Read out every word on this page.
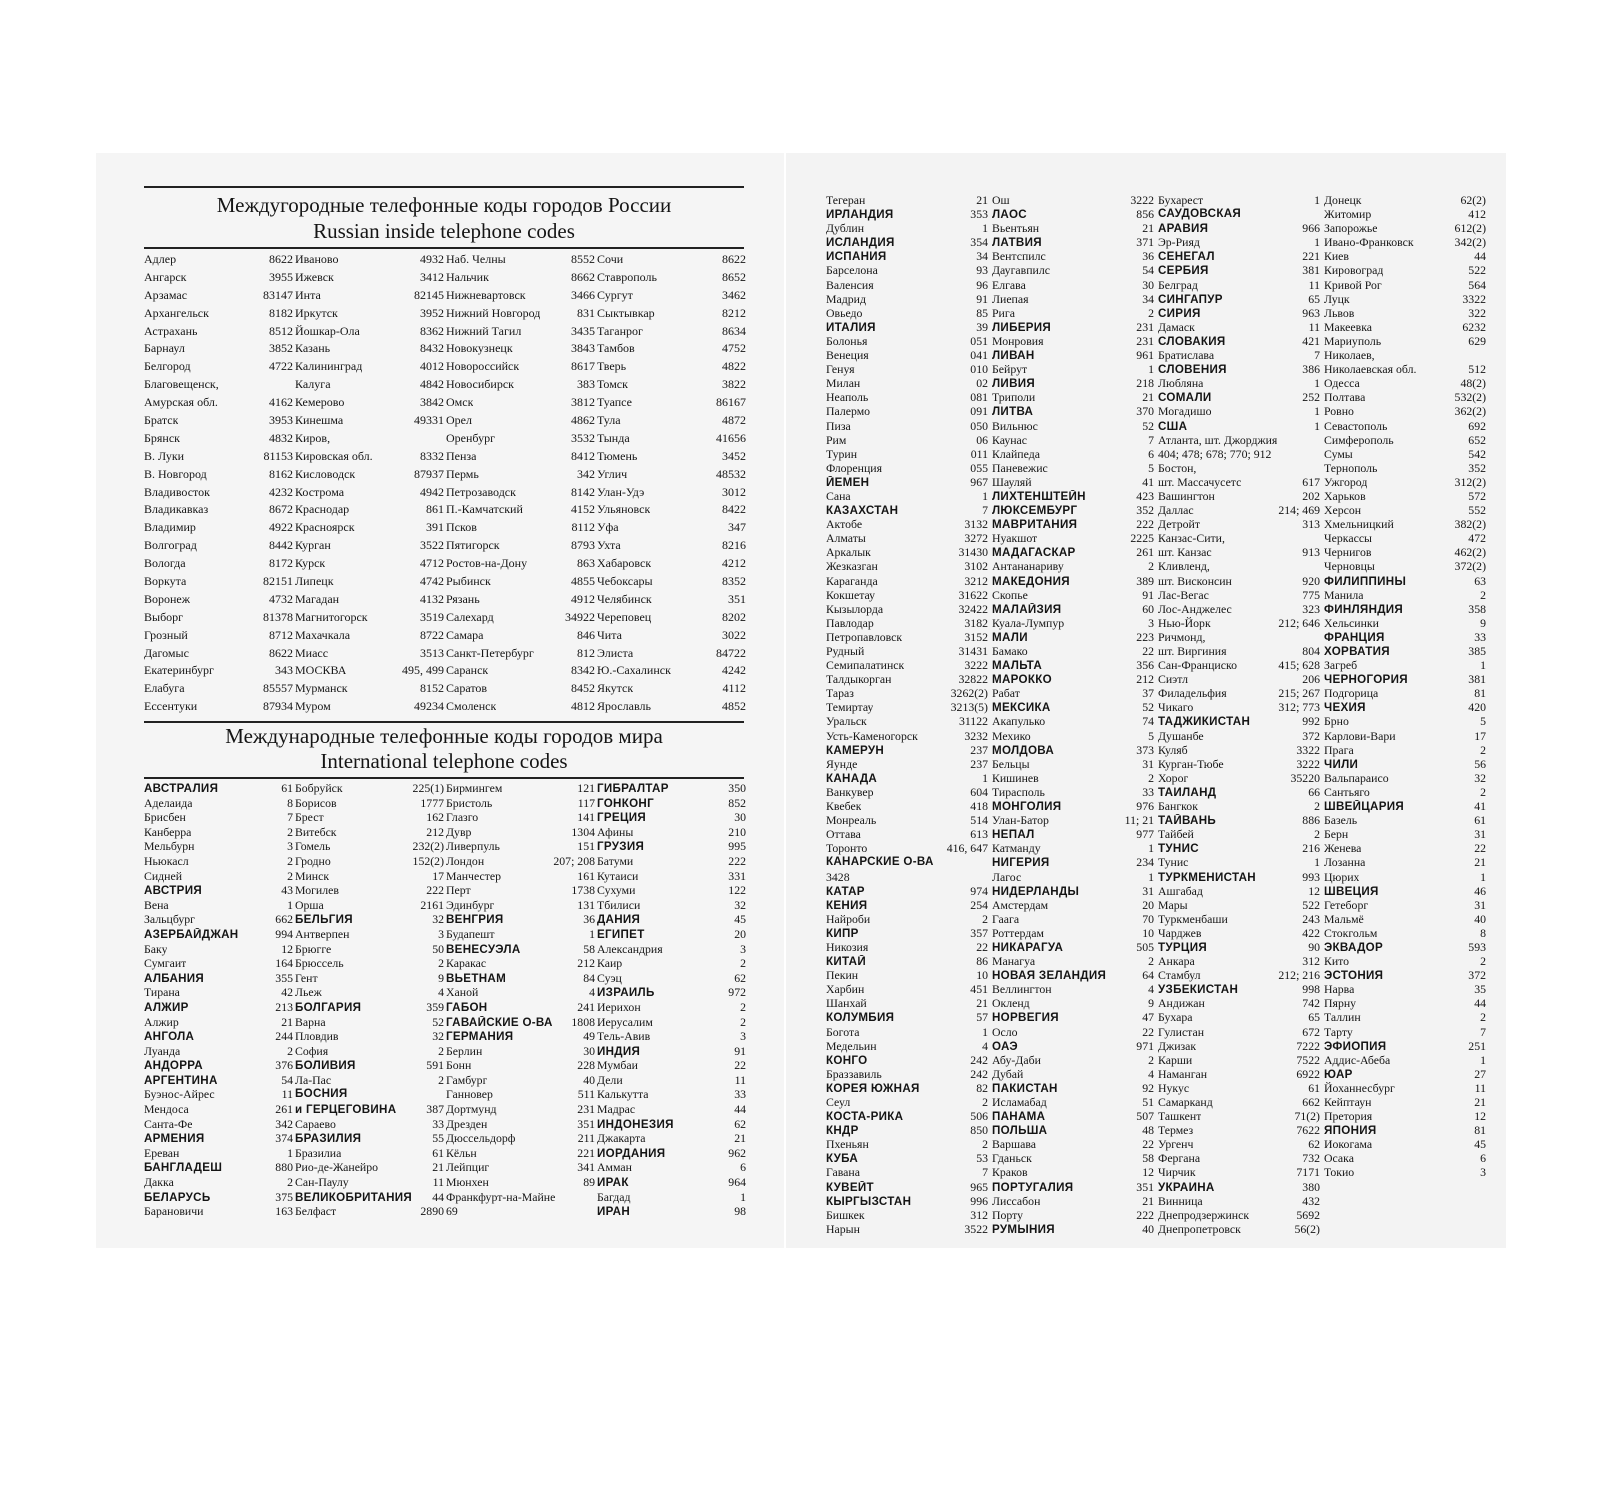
Междугородные телефонные коды городов России
Russian inside telephone codes
Адлер	8622
Ангарск	3955
Арзамас	83147
Архангельск	8182
Астрахань	8512
Барнаул	3852
Белгород	4722
Благовещенск,
Амурская обл.	4162
Братск	3953
Брянск	4832
В. Луки	81153
В. Новгород	8162
Владивосток	4232
Владикавказ	8672
Владимир	4922
Волгоград	8442
Вологда	8172
Воркута	82151
Воронеж	4732
Выборг	81378
Грозный	8712
Дагомыс	8622
Екатеринбург	343
Елабуга	85557
Ессентуки	87934
Иваново	4932
Ижевск	3412
Инта	82145
Иркутск	3952
Йошкар-Ола	8362
Казань	8432
Калининград	4012
Калуга	4842
Кемерово	3842
Кинешма	49331
Киров,
Кировская обл.	8332
Кисловодск	87937
Кострома	4942
Краснодар	861
Красноярск	391
Курган	3522
Курск	4712
Липецк	4742
Магадан	4132
Магнитогорск	3519
Махачкала	8722
Миасс	3513
МОСКВА	495, 499
Мурманск	8152
Муром	49234
Наб. Челны	8552
Нальчик	8662
Нижневартовск	3466
Нижний Новгород	831
Нижний Тагил	3435
Новокузнецк	3843
Новороссийск	8617
Новосибирск	383
Омск	3812
Орел	4862
Оренбург	3532
Пенза	8412
Пермь	342
Петрозаводск	8142
П.-Камчатский	4152
Псков	8112
Пятигорск	8793
Ростов-на-Дону	863
Рыбинск	4855
Рязань	4912
Салехард	34922
Самара	846
Санкт-Петербург	812
Саранск	8342
Саратов	8452
Смоленск	4812
Сочи	8622
Ставрополь	8652
Сургут	3462
Сыктывкар	8212
Таганрог	8634
Тамбов	4752
Тверь	4822
Томск	3822
Туапсе	86167
Тула	4872
Тында	41656
Тюмень	3452
Углич	48532
Улан-Удэ	3012
Ульяновск	8422
Уфа	347
Ухта	8216
Хабаровск	4212
Чебоксары	8352
Челябинск	351
Череповец	8202
Чита	3022
Элиста	84722
Ю.-Сахалинск	4242
Якутск	4112
Ярославль	4852
Международные телефонные коды городов мира
International telephone codes
АВСТРАЛИЯ	61
Аделаида	8
Брисбен	7
Канберра	2
Мельбурн	3
Ньюкасл	2
Сидней	2
АВСТРИЯ	43
Вена	1
Зальцбург	662
АЗЕРБАЙДЖАН	994
Баку	12
Сумгаит	164
АЛБАНИЯ	355
Тирана	42
АЛЖИР	213
Алжир	21
АНГОЛА	244
Луанда	2
АНДОРРА	376
АРГЕНТИНА	54
Буэнос-Айрес	11
Мендоса	261
Санта-Фе	342
АРМЕНИЯ	374
Ереван	1
БАНГЛАДЕШ	880
Дакка	2
БЕЛАРУСЬ	375
Барановичи	163
Бобруйск	225(1)
Борисов	1777
Брест	162
Витебск	212
Гомель	232(2)
Гродно	152(2)
Минск	17
Могилев	222
Орша	2161
БЕЛЬГИЯ	32
Антверпен	3
Брюгге	50
Брюссель	2
Гент	9
Льеж	4
БОЛГАРИЯ	359
Варна	52
Пловдив	32
София	2
БОЛИВИЯ	591
Ла-Пас	2
БОСНИЯ
и ГЕРЦЕГОВИНА	387
Сараево	33
БРАЗИЛИЯ	55
Бразилиа	61
Рио-де-Жанейро	21
Сан-Паулу	11
ВЕЛИКОБРИТАНИЯ 44
Белфаст	2890
Бирмингем	121
Бристоль	117
Глазго	141
Дувр	1304
Ливерпуль	151
Лондон	207; 208
Манчестер	161
Перт	1738
Эдинбург	131
ВЕНГРИЯ	36
Будапешт	1
ВЕНЕСУЭЛА	58
Каракас	212
ВЬЕТНАМ	84
Ханой	4
ГАБОН	241
ГАВАЙСКИЕ О-ВА 1808
ГЕРМАНИЯ	49
Берлин	30
Бонн	228
Гамбург	40
Ганновер	511
Дортмунд	231
Дрезден	351
Дюссельдорф	211
Кёльн	221
Лейпциг	341
Мюнхен	89
Франкфурт-на-Майне
69
ГИБРАЛТАР	350
ГОНКОНГ	852
ГРЕЦИЯ	30
Афины	210
ГРУЗИЯ	995
Батуми	222
Кутаиси	331
Сухуми	122
Тбилиси	32
ДАНИЯ	45
ЕГИПЕТ	20
Александрия	3
Каир	2
Суэц	62
ИЗРАИЛЬ	972
Иерихон	2
Иерусалим	2
Тель-Авив	3
ИНДИЯ	91
Мумбаи	22
Дели	11
Калькутта	33
Мадрас	44
ИНДОНЕЗИЯ	62
Джакарта	21
ИОРДАНИЯ	962
Амман	6
ИРАК	964
Багдад	1
ИРАН	98
Тегеран	21
ИРЛАНДИЯ	353
Дублин	1
ИСЛАНДИЯ	354
ИСПАНИЯ	34
Барселона	93
Валенсия	96
Мадрид	91
Овьедо	85
ИТАЛИЯ	39
Болонья	051
Венеция	041
Генуя	010
Милан	02
Неаполь	081
Палермо	091
Пиза	050
Рим	06
Турин	011
Флоренция	055
ЙЕМЕН	967
Сана	1
КАЗАХСТАН	7
Актобе	3132
Алматы	3272
Аркалык	31430
Жезказган	3102
Караганда	3212
Кокшетау	31622
Кызылорда	32422
Павлодар	3182
Петропавловск	3152
Рудный	31431
Семипалатинск	3222
Талдыкорган	32822
Тараз	3262(2)
Темиртау	3213(5)
Уральск	31122
Усть-Каменогорск	3232
КАМЕРУН	237
Яунде	237
КАНАДА	1
Ванкувер	604
Квебек	418
Монреаль	514
Оттава	613
Торонто	416, 647
КАНАРСКИЕ О-ВА
3428
КАТАР	974
КЕНИЯ	254
Найроби	2
КИПР	357
Никозия	22
КИТАЙ	86
Пекин	10
Харбин	451
Шанхай	21
КОЛУМБИЯ	57
Богота	1
Медельин	4
КОНГО	242
Браззавиль	242
КОРЕЯ ЮЖНАЯ	82
Сеул	2
КОСТА-РИКА	506
КНДР	850
Пхеньян	2
КУБА	53
Гавана	7
КУВЕЙТ	965
КЫРГЫЗСТАН	996
Бишкек	312
Нарын	3522
Ош	3222
ЛАОС	856
Вьентьян	21
ЛАТВИЯ	371
Вентспилс	36
Даугавпилс	54
Елгава	30
Лиепая	34
Рига	2
ЛИБЕРИЯ	231
Монровия	231
ЛИВАН	961
Бейрут	1
ЛИВИЯ	218
Триполи	21
ЛИТВА	370
Вильнюс	52
Каунас	7
Клайпеда	6
Паневежис	5
Шауляй	41
ЛИХТЕНШТЕЙН	423
ЛЮКСЕМБУРГ	352
МАВРИТАНИЯ	222
Нуакшот	2225
МАДАГАСКАР	261
Антананариву	2
МАКЕДОНИЯ	389
Скопье	91
МАЛАЙЗИЯ	60
Куала-Лумпур	3
МАЛИ	223
Бамако	22
МАЛЬТА	356
МАРОККО	212
Рабат	37
МЕКСИКА	52
Акапулько	74
Мехико	5
МОЛДОВА	373
Бельцы	31
Кишинев	2
Тирасполь	33
МОНГОЛИЯ	976
Улан-Батор	11; 21
НЕПАЛ	977
Катманду	1
НИГЕРИЯ	234
Лагос	1
НИДЕРЛАНДЫ	31
Амстердам	20
Гаага	70
Роттердам	10
НИКАРАГУА	505
Манагуа	2
НОВАЯ ЗЕЛАНДИЯ	64
Веллингтон	4
Окленд	9
НОРВЕГИЯ	47
Осло	22
ОАЭ	971
Абу-Даби	2
Дубай	4
ПАКИСТАН	92
Исламабад	51
ПАНАМА	507
ПОЛЬША	48
Варшава	22
Гданьск	58
Краков	12
ПОРТУГАЛИЯ	351
Лиссабон	21
Порту	222
РУМЫНИЯ	40
Бухарест	1
САУДОВСКАЯ
АРАВИЯ	966
Эр-Рияд	1
СЕНЕГАЛ	221
СЕРБИЯ	381
Белград	11
СИНГАПУР	65
СИРИЯ	963
Дамаск	11
СЛОВАКИЯ	421
Братислава	7
СЛОВЕНИЯ	386
Любляна	1
СОМАЛИ	252
Могадишо	1
США	1
Атланта, шт. Джорджия
404; 478; 678; 770; 912
Бостон,
шт. Массачусетс	617
Вашингтон	202
Даллас	214; 469
Детройт	313
Канзас-Сити,
шт. Канзас	913
Кливленд,
шт. Висконсин	920
Лас-Вегас	775
Лос-Анджелес	323
Нью-Йорк	212; 646
Ричмонд,
шт. Виргиния	804
Сан-Франциско	415; 628
Сиэтл	206
Филадельфия	215; 267
Чикаго	312; 773
ТАДЖИКИСТАН	992
Душанбе	372
Куляб	3322
Курган-Тюбе	3222
Хорог	35220
ТАИЛАНД	66
Бангкок	2
ТАЙВАНЬ	886
Тайбей	2
ТУНИС	216
Тунис	1
ТУРКМЕНИСТАН	993
Ашгабад	12
Мары	522
Туркменбаши	243
Чарджев	422
ТУРЦИЯ	90
Анкара	312
Стамбул	212; 216
УЗБЕКИСТАН	998
Андижан	742
Бухара	65
Гулистан	672
Джизак	7222
Карши	7522
Наманган	6922
Нукус	61
Самарканд	662
Ташкент	71(2)
Термез	7622
Ургенч	62
Фергана	732
Чирчик	7171
УКРАИНА	380
Винница	432
Днепродзержинск	5692
Днепропетровск	56(2)
Донецк	62(2)
Житомир	412
Запорожье	612(2)
Ивано-Франковск	342(2)
Киев	44
Кировоград	522
Кривой Рог	564
Луцк	3322
Львов	322
Макеевка	6232
Мариуполь	629
Николаев,
Николаевская обл.	512
Одесса	48(2)
Полтава	532(2)
Ровно	362(2)
Севастополь	692
Симферополь	652
Сумы	542
Тернополь	352
Ужгород	312(2)
Харьков	572
Херсон	552
Хмельницкий	382(2)
Черкассы	472
Чернигов	462(2)
Черновцы	372(2)
ФИЛИППИНЫ	63
Манила	2
ФИНЛЯНДИЯ	358
Хельсинки	9
ФРАНЦИЯ	33
ХОРВАТИЯ	385
Загреб	1
ЧЕРНОГОРИЯ	381
Подгорица	81
ЧЕХИЯ	420
Брно	5
Карлови-Вари	17
Прага	2
ЧИЛИ	56
Вальпараисо	32
Сантьяго	2
ШВЕЙЦАРИЯ	41
Базель	61
Берн	31
Женева	22
Лозанна	21
Цюрих	1
ШВЕЦИЯ	46
Гетеборг	31
Мальмё	40
Стокгольм	8
ЭКВАДОР	593
Кито	2
ЭСТОНИЯ	372
Нарва	35
Пярну	44
Таллин	2
Тарту	7
ЭФИОПИЯ	251
Аддис-Абеба	1
ЮАР	27
Йоханнесбург	11
Кейптаун	21
Претория	12
ЯПОНИЯ	81
Иокогама	45
Осака	6
Токио	3
